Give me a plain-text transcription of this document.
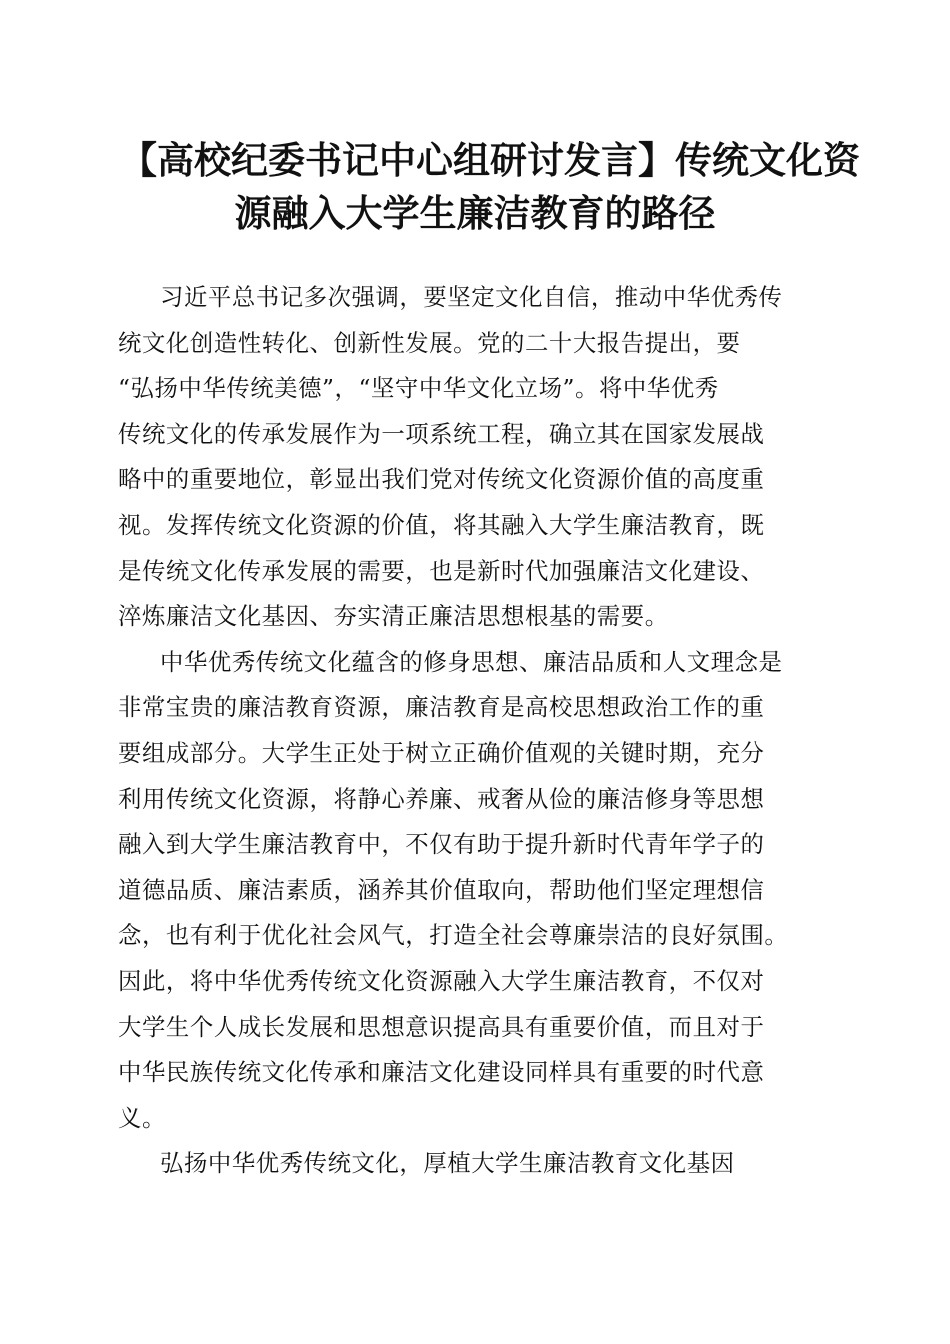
【高校纪委书记中心组研讨发言】传统文化资
源融入大学生廉洁教育的路径

习近平总书记多次强调，要坚定文化自信，推动中华优秀传
统文化创造性转化、创新性发展。党的二十大报告提出，要
“弘扬中华传统美德”，“坚守中华文化立场”。将中华优秀
传统文化的传承发展作为一项系统工程，确立其在国家发展战
略中的重要地位，彰显出我们党对传统文化资源价值的高度重
视。发挥传统文化资源的价值，将其融入大学生廉洁教育，既
是传统文化传承发展的需要，也是新时代加强廉洁文化建设、
淬炼廉洁文化基因、夯实清正廉洁思想根基的需要。

中华优秀传统文化蕴含的修身思想、廉洁品质和人文理念是
非常宝贵的廉洁教育资源，廉洁教育是高校思想政治工作的重
要组成部分。大学生正处于树立正确价值观的关键时期，充分
利用传统文化资源，将静心养廉、戒奢从俭的廉洁修身等思想
融入到大学生廉洁教育中，不仅有助于提升新时代青年学子的
道德品质、廉洁素质，涵养其价值取向，帮助他们坚定理想信
念，也有利于优化社会风气，打造全社会尊廉崇洁的良好氛围。
因此，将中华优秀传统文化资源融入大学生廉洁教育，不仅对
大学生个人成长发展和思想意识提高具有重要价值，而且对于
中华民族传统文化传承和廉洁文化建设同样具有重要的时代意
义。

弘扬中华优秀传统文化，厚植大学生廉洁教育文化基因
